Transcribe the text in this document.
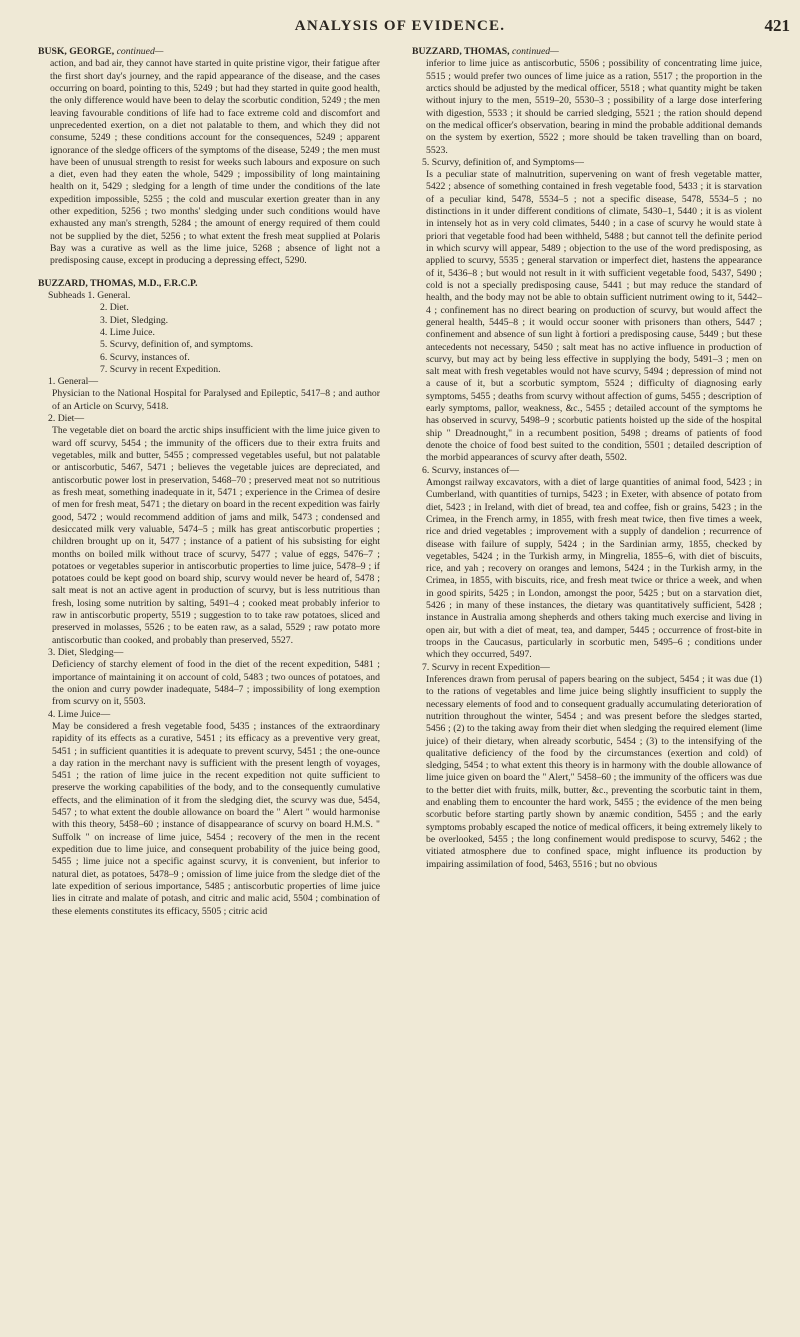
ANALYSIS OF EVIDENCE.	421

BUSK, GEORGE, continued—

action, and bad air, they cannot have started in quite pristine vigor, their fatigue after the first short day's journey, and the rapid appearance of the disease, and the cases occurring on board, pointing to this, 5249 ; but had they started in quite good health, the only difference would have been to delay the scorbutic condition, 5249 ; the men leaving favourable conditions of life had to face extreme cold and discomfort and unprecedented exertion, on a diet not palatable to them, and which they did not consume, 5249 ; these conditions account for the consequences, 5249 ; apparent ignorance of the sledge officers of the symptoms of the disease, 5249 ; the men must have been of unusual strength to resist for weeks such labours and exposure on such a diet, even had they eaten the whole, 5429 ; impossibility of long maintaining health on it, 5429 ; sledging for a length of time under the conditions of the late expedition impossible, 5255 ; the cold and muscular exertion greater than in any other expedition, 5256 ; two months' sledging under such conditions would have exhausted any man's strength, 5284 ; the amount of energy required of them could not be supplied by the diet, 5256 ; to what extent the fresh meat supplied at Polaris Bay was a curative as well as the lime juice, 5268 ; absence of light not a predisposing cause, except in producing a depressing effect, 5290.

BUZZARD, THOMAS, M.D., F.R.C.P.

Subheads 1. General.

2. Diet.

3. Diet, Sledging.

4. Lime Juice.

5. Scurvy, definition of, and symptoms.

6. Scurvy, instances of.

7. Scurvy in recent Expedition.

1. General—

Physician to the National Hospital for Paralysed and Epileptic, 5417–8 ; and author of an Article on Scurvy, 5418.

2. Diet—

The vegetable diet on board the arctic ships insufficient with the lime juice given to ward off scurvy, 5454 ; the immunity of the officers due to their extra fruits and vegetables, milk and butter, 5455 ; compressed vegetables useful, but not palatable or antiscorbutic, 5467, 5471 ; believes the vegetable juices are depreciated, and antiscorbutic power lost in preservation, 5468–70 ; preserved meat not so nutritious as fresh meat, something inadequate in it, 5471 ; experience in the Crimea of desire of men for fresh meat, 5471 ; the dietary on board in the recent expedition was fairly good, 5472 ; would recommend addition of jams and milk, 5473 ; condensed and desiccated milk very valuable, 5474–5 ; milk has great antiscorbutic properties ; children brought up on it, 5477 ; instance of a patient of his subsisting for eight months on boiled milk without trace of scurvy, 5477 ; value of eggs, 5476–7 ; potatoes or vegetables superior in antiscorbutic properties to lime juice, 5478–9 ; if potatoes could be kept good on board ship, scurvy would never be heard of, 5478 ; salt meat is not an active agent in production of scurvy, but is less nutritious than fresh, losing some nutrition by salting, 5491–4 ; cooked meat probably inferior to raw in antiscorbutic property, 5519 ; suggestion to to take raw potatoes, sliced and preserved in molasses, 5526 ; to be eaten raw, as a salad, 5529 ; raw potato more antiscorbutic than cooked, and probably than preserved, 5527.

3. Diet, Sledging—

Deficiency of starchy element of food in the diet of the recent expedition, 5481 ; importance of maintaining it on account of cold, 5483 ; two ounces of potatoes, and the onion and curry powder inadequate, 5484–7 ; impossibility of long exemption from scurvy on it, 5503.

4. Lime Juice—

May be considered a fresh vegetable food, 5435 ; instances of the extraordinary rapidity of its effects as a curative, 5451 ; its efficacy as a preventive very great, 5451 ; in sufficient quantities it is adequate to prevent scurvy, 5451 ; the one-ounce a day ration in the merchant navy is sufficient with the present length of voyages, 5451 ; the ration of lime juice in the recent expedition not quite sufficient to preserve the working capabilities of the body, and to the consequently cumulative effects, and the elimination of it from the sledging diet, the scurvy was due, 5454, 5457 ; to what extent the double allowance on board the " Alert " would harmonise with this theory, 5458–60 ; instance of disappearance of scurvy on board H.M.S. " Suffolk " on increase of lime juice, 5454 ; recovery of the men in the recent expedition due to lime juice, and consequent probability of the juice being good, 5455 ; lime juice not a specific against scurvy, it is convenient, but inferior to natural diet, as potatoes, 5478–9 ; omission of lime juice from the sledge diet of the late expedition of serious importance, 5485 ; antiscorbutic properties of lime juice lies in citrate and malate of potash, and citric and malic acid, 5504 ; combination of these elements constitutes its efficacy, 5505 ; citric acid

BUZZARD, THOMAS, continued—

inferior to lime juice as antiscorbutic, 5506 ; possibility of concentrating lime juice, 5515 ; would prefer two ounces of lime juice as a ration, 5517 ; the proportion in the arctics should be adjusted by the medical officer, 5518 ; what quantity might be taken without injury to the men, 5519–20, 5530–3 ; possibility of a large dose interfering with digestion, 5533 ; it should be carried sledging, 5521 ; the ration should depend on the medical officer's observation, bearing in mind the probable additional demands on the system by exertion, 5522 ; more should be taken travelling than on board, 5523.

5. Scurvy, definition of, and Symptoms—

Is a peculiar state of malnutrition, supervening on want of fresh vegetable matter, 5422 ; absence of something contained in fresh vegetable food, 5433 ; it is starvation of a peculiar kind, 5478, 5534–5 ; not a specific disease, 5478, 5534–5 ; no distinctions in it under different conditions of climate, 5430–1, 5440 ; it is as violent in intensely hot as in very cold climates, 5440 ; in a case of scurvy he would state à priori that vegetable food had been withheld, 5488 ; but cannot tell the definite period in which scurvy will appear, 5489 ; objection to the use of the word predisposing, as applied to scurvy, 5535 ; general starvation or imperfect diet, hastens the appearance of it, 5436–8 ; but would not result in it with sufficient vegetable food, 5437, 5490 ; cold is not a specially predisposing cause, 5441 ; but may reduce the standard of health, and the body may not be able to obtain sufficient nutriment owing to it, 5442–4 ; confinement has no direct bearing on production of scurvy, but would affect the general health, 5445–8 ; it would occur sooner with prisoners than others, 5447 ; confinement and absence of sun light à fortiori a predisposing cause, 5449 ; but these antecedents not necessary, 5450 ; salt meat has no active influence in production of scurvy, but may act by being less effective in supplying the body, 5491–3 ; men on salt meat with fresh vegetables would not have scurvy, 5494 ; depression of mind not a cause of it, but a scorbutic symptom, 5524 ; difficulty of diagnosing early symptoms, 5455 ; deaths from scurvy without affection of gums, 5455 ; description of early symptoms, pallor, weakness, &c., 5455 ; detailed account of the symptoms he has observed in scurvy, 5498–9 ; scorbutic patients hoisted up the side of the hospital ship " Dreadnought," in a recumbent position, 5498 ; dreams of patients of food denote the choice of food best suited to the condition, 5501 ; detailed description of the morbid appearances of scurvy after death, 5502.

6. Scurvy, instances of—

Amongst railway excavators, with a diet of large quantities of animal food, 5423 ; in Cumberland, with quantities of turnips, 5423 ; in Exeter, with absence of potato from diet, 5423 ; in Ireland, with diet of bread, tea and coffee, fish or grains, 5423 ; in the Crimea, in the French army, in 1855, with fresh meat twice, then five times a week, rice and dried vegetables ; improvement with a supply of dandelion ; recurrence of disease with failure of supply, 5424 ; in the Sardinian army, 1855, checked by vegetables, 5424 ; in the Turkish army, in Mingrelia, 1855–6, with diet of biscuits, rice, and yah ; recovery on oranges and lemons, 5424 ; in the Turkish army, in the Crimea, in 1855, with biscuits, rice, and fresh meat twice or thrice a week, and when in good spirits, 5425 ; in London, amongst the poor, 5425 ; but on a starvation diet, 5426 ; in many of these instances, the dietary was quantitatively sufficient, 5428 ; instance in Australia among shepherds and others taking much exercise and living in open air, but with a diet of meat, tea, and damper, 5445 ; occurrence of frost-bite in troops in the Caucasus, particularly in scorbutic men, 5495–6 ; conditions under which they occurred, 5497.

7. Scurvy in recent Expedition—

Inferences drawn from perusal of papers bearing on the subject, 5454 ; it was due (1) to the rations of vegetables and lime juice being slightly insufficient to supply the necessary elements of food and to consequent gradually accumulating deterioration of nutrition throughout the winter, 5454 ; and was present before the sledges started, 5456 ; (2) to the taking away from their diet when sledging the required element (lime juice) of their dietary, when already scorbutic, 5454 ; (3) to the intensifying of the qualitative deficiency of the food by the circumstances (exertion and cold) of sledging, 5454 ; to what extent this theory is in harmony with the double allowance of lime juice given on board the " Alert," 5458–60 ; the immunity of the officers was due to the better diet with fruits, milk, butter, &c., preventing the scorbutic taint in them, and enabling them to encounter the hard work, 5455 ; the evidence of the men being scorbutic before starting partly shown by anæmic condition, 5455 ; and the early symptoms probably escaped the notice of medical officers, it being extremely likely to be overlooked, 5455 ; the long confinement would predispose to scurvy, 5462 ; the vitiated atmosphere due to confined space, might influence its production by impairing assimilation of food, 5463, 5516 ; but no obvious
